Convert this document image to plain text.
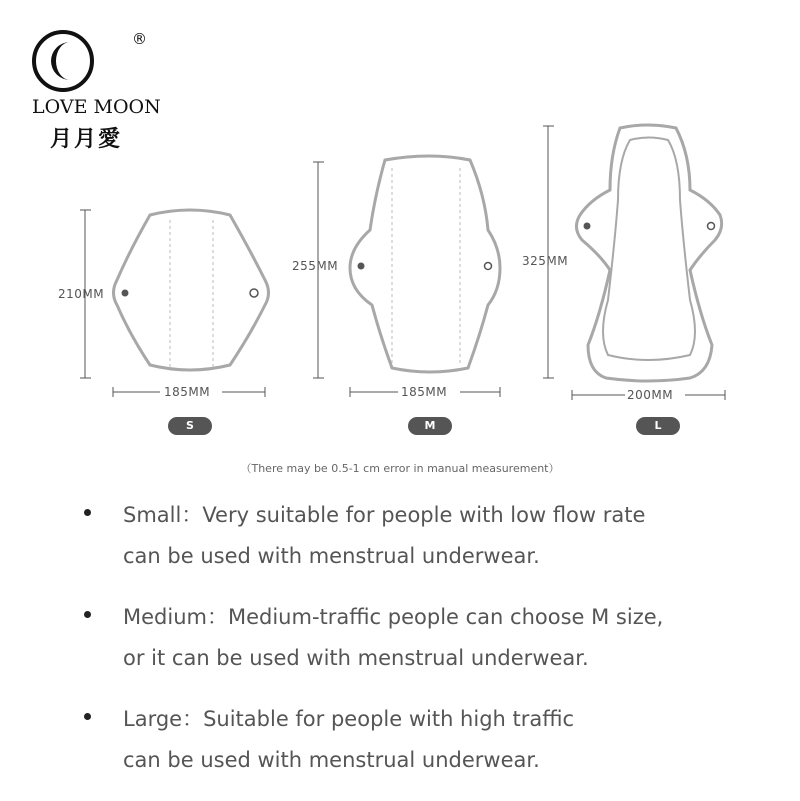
®
LOVE MOON
月月愛
210MM
185MM
255MM
185MM
325MM
200MM
S	M	L
（There may be 0.5-1 cm error in manual measurement）

Small：Very suitable for people with low flow rate

can be used with menstrual underwear.

Medium：Medium-traffic people can choose M size,

or it can be used with menstrual underwear.

Large：Suitable for people with high traffic

can be used with menstrual underwear.
